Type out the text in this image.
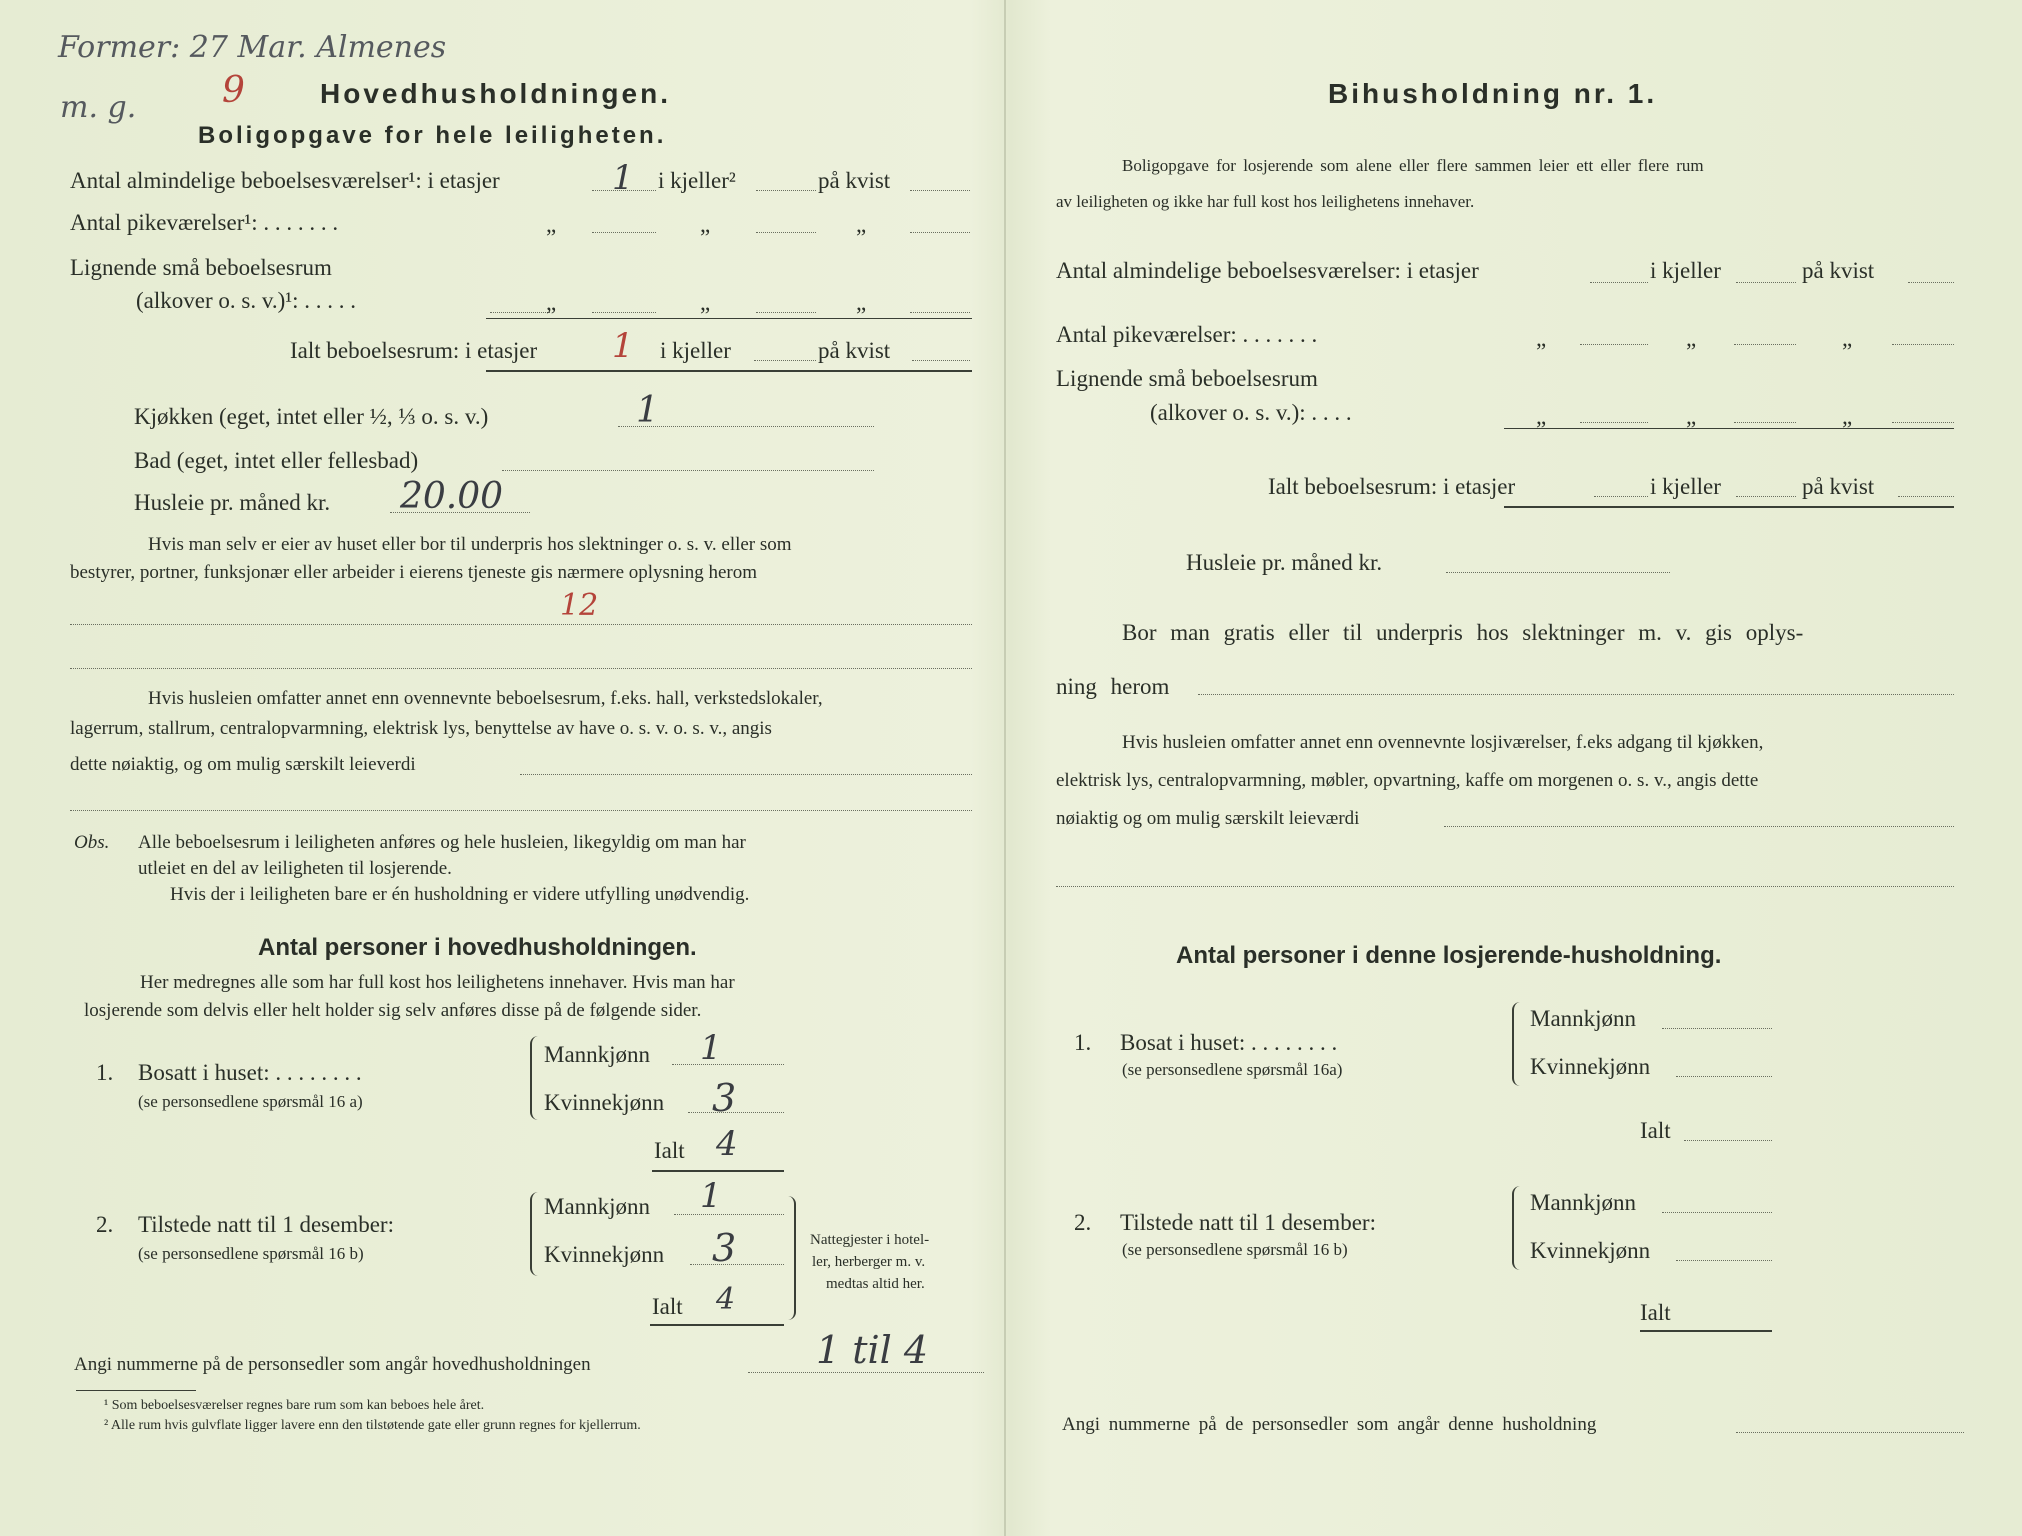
Former: 27 Mar. Almenes
m. g. 9	Hovedhusholdningen.
Boligopgave for hele leiligheten.
Antal almindelige beboelsesværelser¹: i etasjer	1 i kjeller²	på kvist
Antal pikeværelser¹: . . . . . . .	„	„	„
Lignende små beboelsesrum
(alkover o. s. v.)¹: . . . . .	„	„	„
Ialt beboelsesrum: i etasjer 1 i kjeller	på kvist
Kjøkken (eget, intet eller ½, ⅓ o. s. v.)	1
Bad (eget, intet eller fellesbad)
Husleie pr. måned kr. 20.00
Hvis man selv er eier av huset eller bor til underpris hos slektninger o. s. v. eller som
bestyrer, portner, funksjonær eller arbeider i eierens tjeneste gis nærmere oplysning herom
12
Hvis husleien omfatter annet enn ovennevnte beboelsesrum, f.eks. hall, verkstedslokaler,
lagerrum, stallrum, centralopvarmning, elektrisk lys, benyttelse av have o. s. v. o. s. v., angis
dette nøiaktig, og om mulig særskilt leieverdi
Obs. Alle beboelsesrum i leiligheten anføres og hele husleien, likegyldig om man har
utleiet en del av leiligheten til losjerende.
Hvis der i leiligheten bare er én husholdning er videre utfylling unødvendig.
Antal personer i hovedhusholdningen.
Her medregnes alle som har full kost hos leilighetens innehaver. Hvis man har
losjerende som delvis eller helt holder sig selv anføres disse på de følgende sider.
1. Bosatt i huset: . . . . . . . .
(se personsedlene spørsmål 16 a)
Mannkjønn 1
Kvinnekjønn 3
Ialt 4
2. Tilstede natt til 1 desember:
(se personsedlene spørsmål 16 b)
Mannkjønn 1
Kvinnekjønn 3
Ialt 4
Nattegjester i hotel-
ler, herberger m. v.
medtas altid her.
Angi nummerne på de personsedler som angår hovedhusholdningen	1 til 4
¹ Som beboelsesværelser regnes bare rum som kan beboes hele året.
² Alle rum hvis gulvflate ligger lavere enn den tilstøtende gate eller grunn regnes for kjellerrum.
Bihusholdning nr. 1.
Boligopgave for losjerende som alene eller flere sammen leier ett eller flere rum
av leiligheten og ikke har full kost hos leilighetens innehaver.
Antal almindelige beboelsesværelser: i etasjer	i kjeller	på kvist
Antal pikeværelser: . . . . . . .	„	„	„
Lignende små beboelsesrum
(alkover o. s. v.): . . . .	„	„	„
Ialt beboelsesrum: i etasjer	i kjeller	på kvist
Husleie pr. måned kr.
Bor man gratis eller til underpris hos slektninger m. v. gis oplys-
ning herom
Hvis husleien omfatter annet enn ovennevnte losjiværelser, f.eks adgang til kjøkken,
elektrisk lys, centralopvarmning, møbler, opvartning, kaffe om morgenen o. s. v., angis dette
nøiaktig og om mulig særskilt leieværdi
Antal personer i denne losjerende-husholdning.
1. Bosat i huset: . . . . . . . .
(se personsedlene spørsmål 16a)
Mannkjønn
Kvinnekjønn
Ialt
2. Tilstede natt til 1 desember:
(se personsedlene spørsmål 16 b)
Mannkjønn
Kvinnekjønn
Ialt
Angi nummerne på de personsedler som angår denne husholdning
